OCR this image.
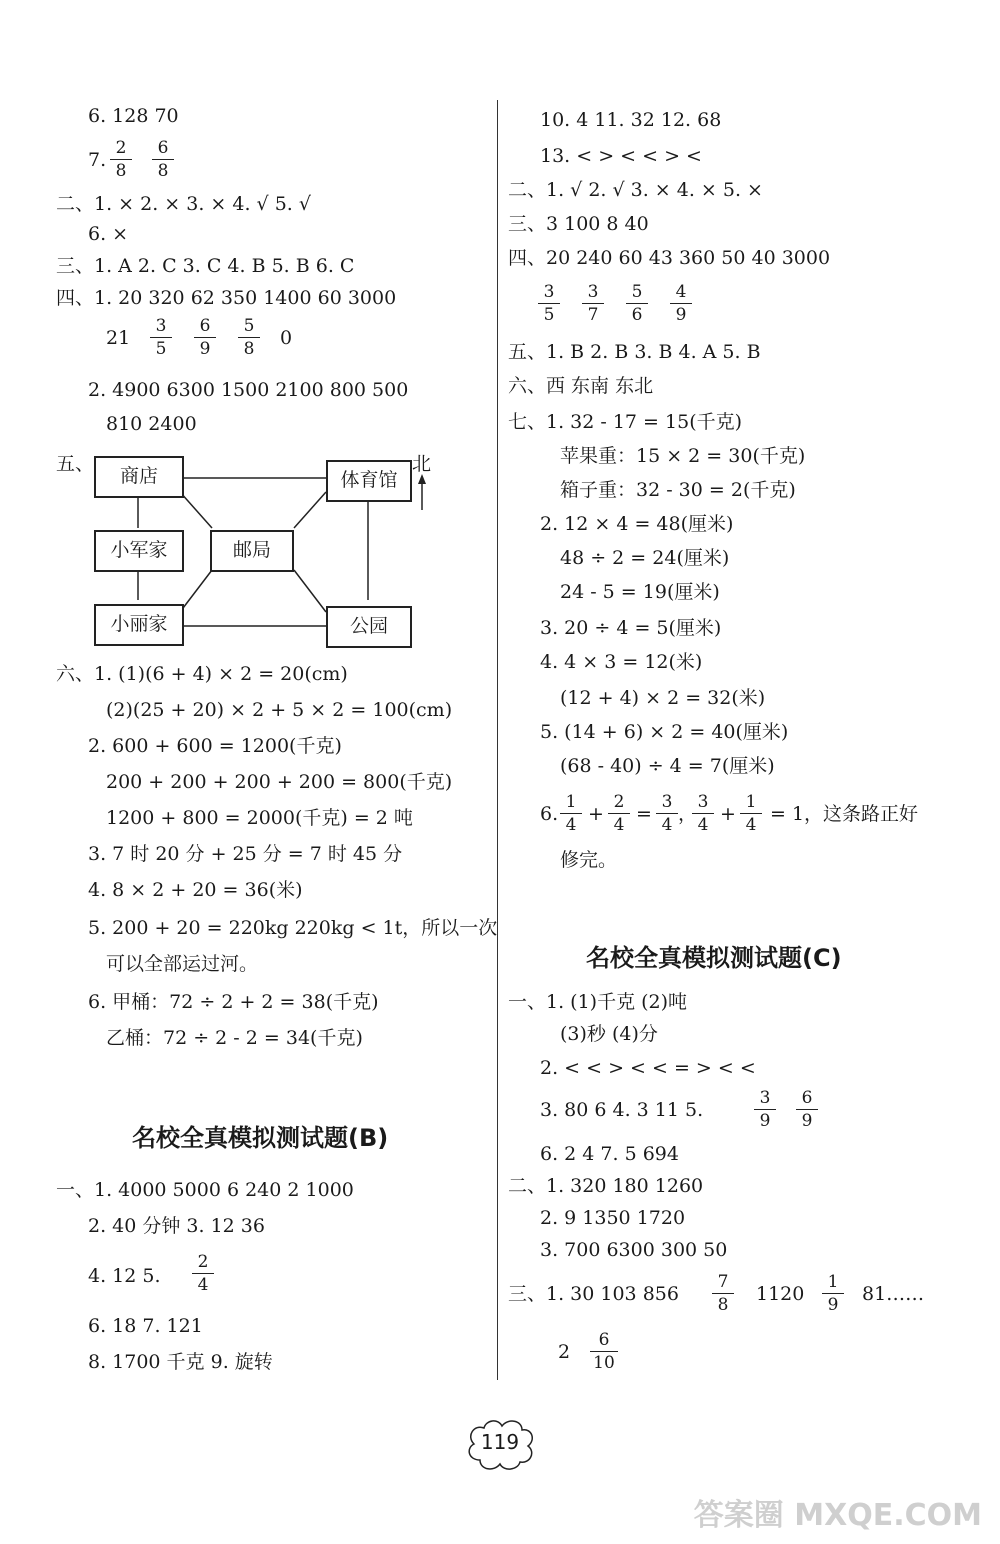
6. 128 70
7. $\frac{2}{8} \frac{6}{8}$
二、1. × 2. × 3. × 4. √ 5. √
6. ×
三、1. A 2. C 3. C 4. B 5. B 6. C
四、1. 20 320 62 350 1400 60 3000
$21 \frac{3}{5} \frac{6}{9} \frac{5}{8} 0$
2. 4900 6300 1500 2100 800 500
810 2400
五、
商店	体育馆
北
小军家	邮局
小丽家	公园
六、1. (1)(6 + 4) × 2 = 20(cm)
(2)(25 + 20) × 2 + 5 × 2 = 100(cm)
2. 600 + 600 = 1200(千克)
200 + 200 + 200 + 200 = 800(千克)
1200 + 800 = 2000(千克) = 2 吨
3. 7 时 20 分 + 25 分 = 7 时 45 分
4. 8 × 2 + 20 = 36(米)
5. 200 + 20 = 220kg 220kg < 1t，所以一次
可以全部运过河。
6. 甲桶：72 ÷ 2 + 2 = 38(千克)
乙桶：72 ÷ 2 - 2 = 34(千克)
名校全真模拟测试题(B)
一、1. 4000 5000 6 240 2 1000
2. 40 分钟 3. 12 36
4. 12 5. $\frac{2}{4}$
6. 18 7. 121
8. 1700 千克 9. 旋转
10. 4 11. 32 12. 68
13. < > < < > <
二、1. √ 2. √ 3. × 4. × 5. ×
三、3 100 8 40
四、20 240 60 43 360 50 40 3000
$\frac{3}{5} \frac{3}{7} \frac{5}{6} \frac{4}{9}$
五、1. B 2. B 3. B 4. A 5. B
六、西 东南 东北
七、1. 32 - 17 = 15(千克)
苹果重：15 × 2 = 30(千克)
箱子重：32 - 30 = 2(千克)
2. 12 × 4 = 48(厘米)
48 ÷ 2 = 24(厘米)
24 - 5 = 19(厘米)
3. 20 ÷ 4 = 5(厘米)
4. 4 × 3 = 12(米)
(12 + 4) × 2 = 32(米)
5. (14 + 6) × 2 = 40(厘米)
(68 - 40) ÷ 4 = 7(厘米)
6. $\frac{1}{4} + \frac{2}{4} = \frac{3}{4}$ ，
$\frac{3}{4} + \frac{1}{4} = 1$，这条路正好
修完。
名校全真模拟测试题(C)
一、1. (1)千克 (2)吨
(3)秒 (4)分
2. < < > < < = > < <
3. 80 6 4. 3 11 5.	$\frac{3}{9} \frac{6}{9}$
6. 2 4 7. 5 694
二、1. 320 180 1260
2. 9 1350 1720
3. 700 6300 300 50
三、1. 30 103 $856 \frac{7}{8} 1120 \frac{1}{9}$ 81……
$2 \frac{6}{10}$
119
答案圈 MXQE.COM
